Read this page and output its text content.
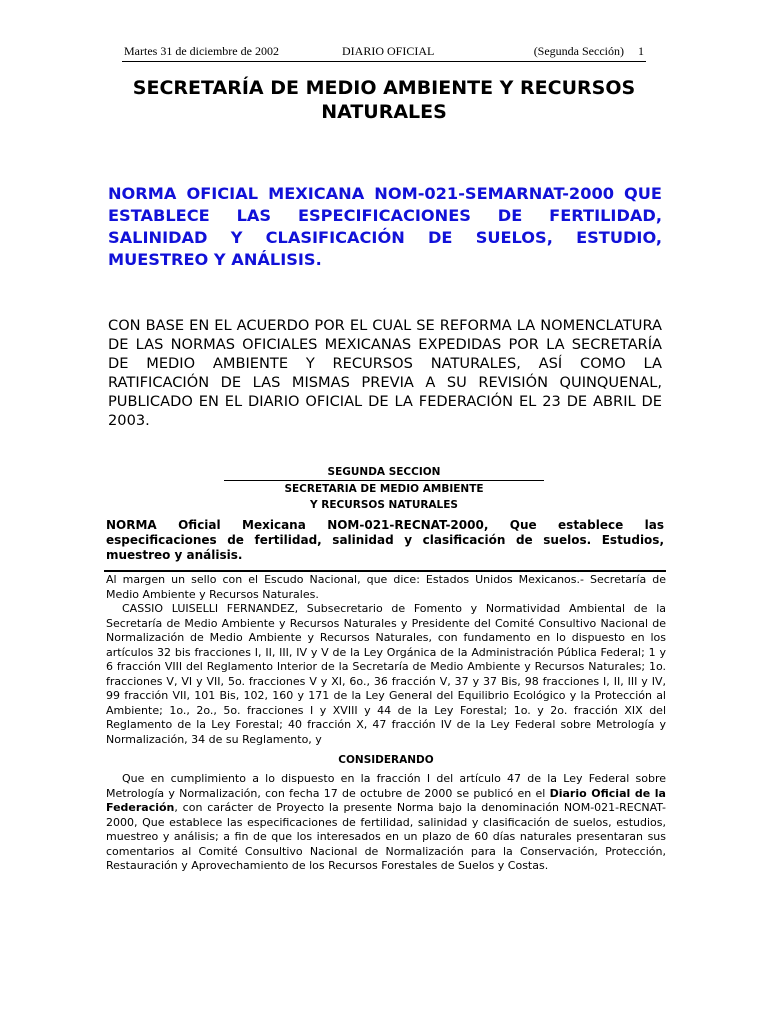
Martes 31 de diciembre de 2002	DIARIO OFICIAL	(Segunda Sección) 1
SECRETARÍA DE MEDIO AMBIENTE Y RECURSOS NATURALES

NORMA OFICIAL MEXICANA NOM-021-SEMARNAT-2000 QUE ESTABLECE LAS ESPECIFICACIONES DE FERTILIDAD, SALINIDAD Y CLASIFICACIÓN DE SUELOS, ESTUDIO, MUESTREO Y ANÁLISIS.

CON BASE EN EL ACUERDO POR EL CUAL SE REFORMA LA NOMENCLATURA DE LAS NORMAS OFICIALES MEXICANAS EXPEDIDAS POR LA SECRETARÍA DE MEDIO AMBIENTE Y RECURSOS NATURALES, ASÍ COMO LA RATIFICACIÓN DE LAS MISMAS PREVIA A SU REVISIÓN QUINQUENAL, PUBLICADO EN EL DIARIO OFICIAL DE LA FEDERACIÓN EL 23 DE ABRIL DE 2003.

SEGUNDA SECCION
SECRETARIA DE MEDIO AMBIENTE
Y RECURSOS NATURALES

NORMA Oficial Mexicana NOM-021-RECNAT-2000, Que establece las especificaciones de fertilidad, salinidad y clasificación de suelos. Estudios, muestreo y análisis.

Al margen un sello con el Escudo Nacional, que dice: Estados Unidos Mexicanos.- Secretaría de Medio Ambiente y Recursos Naturales.

CASSIO LUISELLI FERNANDEZ, Subsecretario de Fomento y Normatividad Ambiental de la Secretaría de Medio Ambiente y Recursos Naturales y Presidente del Comité Consultivo Nacional de Normalización de Medio Ambiente y Recursos Naturales, con fundamento en lo dispuesto en los artículos 32 bis fracciones I, II, III, IV y V de la Ley Orgánica de la Administración Pública Federal; 1 y 6 fracción VIII del Reglamento Interior de la Secretaría de Medio Ambiente y Recursos Naturales; 1o. fracciones V, VI y VII, 5o. fracciones V y XI, 6o., 36 fracción V, 37 y 37 Bis, 98 fracciones I, II, III y IV, 99 fracción VII, 101 Bis, 102, 160 y 171 de la Ley General del Equilibrio Ecológico y la Protección al Ambiente; 1o., 2o., 5o. fracciones I y XVIII y 44 de la Ley Forestal; 1o. y 2o. fracción XIX del Reglamento de la Ley Forestal; 40 fracción X, 47 fracción IV de la Ley Federal sobre Metrología y Normalización, 34 de su Reglamento, y

CONSIDERANDO

Que en cumplimiento a lo dispuesto en la fracción I del artículo 47 de la Ley Federal sobre Metrología y Normalización, con fecha 17 de octubre de 2000 se publicó en el Diario Oficial de la Federación, con carácter de Proyecto la presente Norma bajo la denominación NOM-021-RECNAT-2000, Que establece las especificaciones de fertilidad, salinidad y clasificación de suelos, estudios, muestreo y análisis; a fin de que los interesados en un plazo de 60 días naturales presentaran sus comentarios al Comité Consultivo Nacional de Normalización para la Conservación, Protección, Restauración y Aprovechamiento de los Recursos Forestales de Suelos y Costas.
